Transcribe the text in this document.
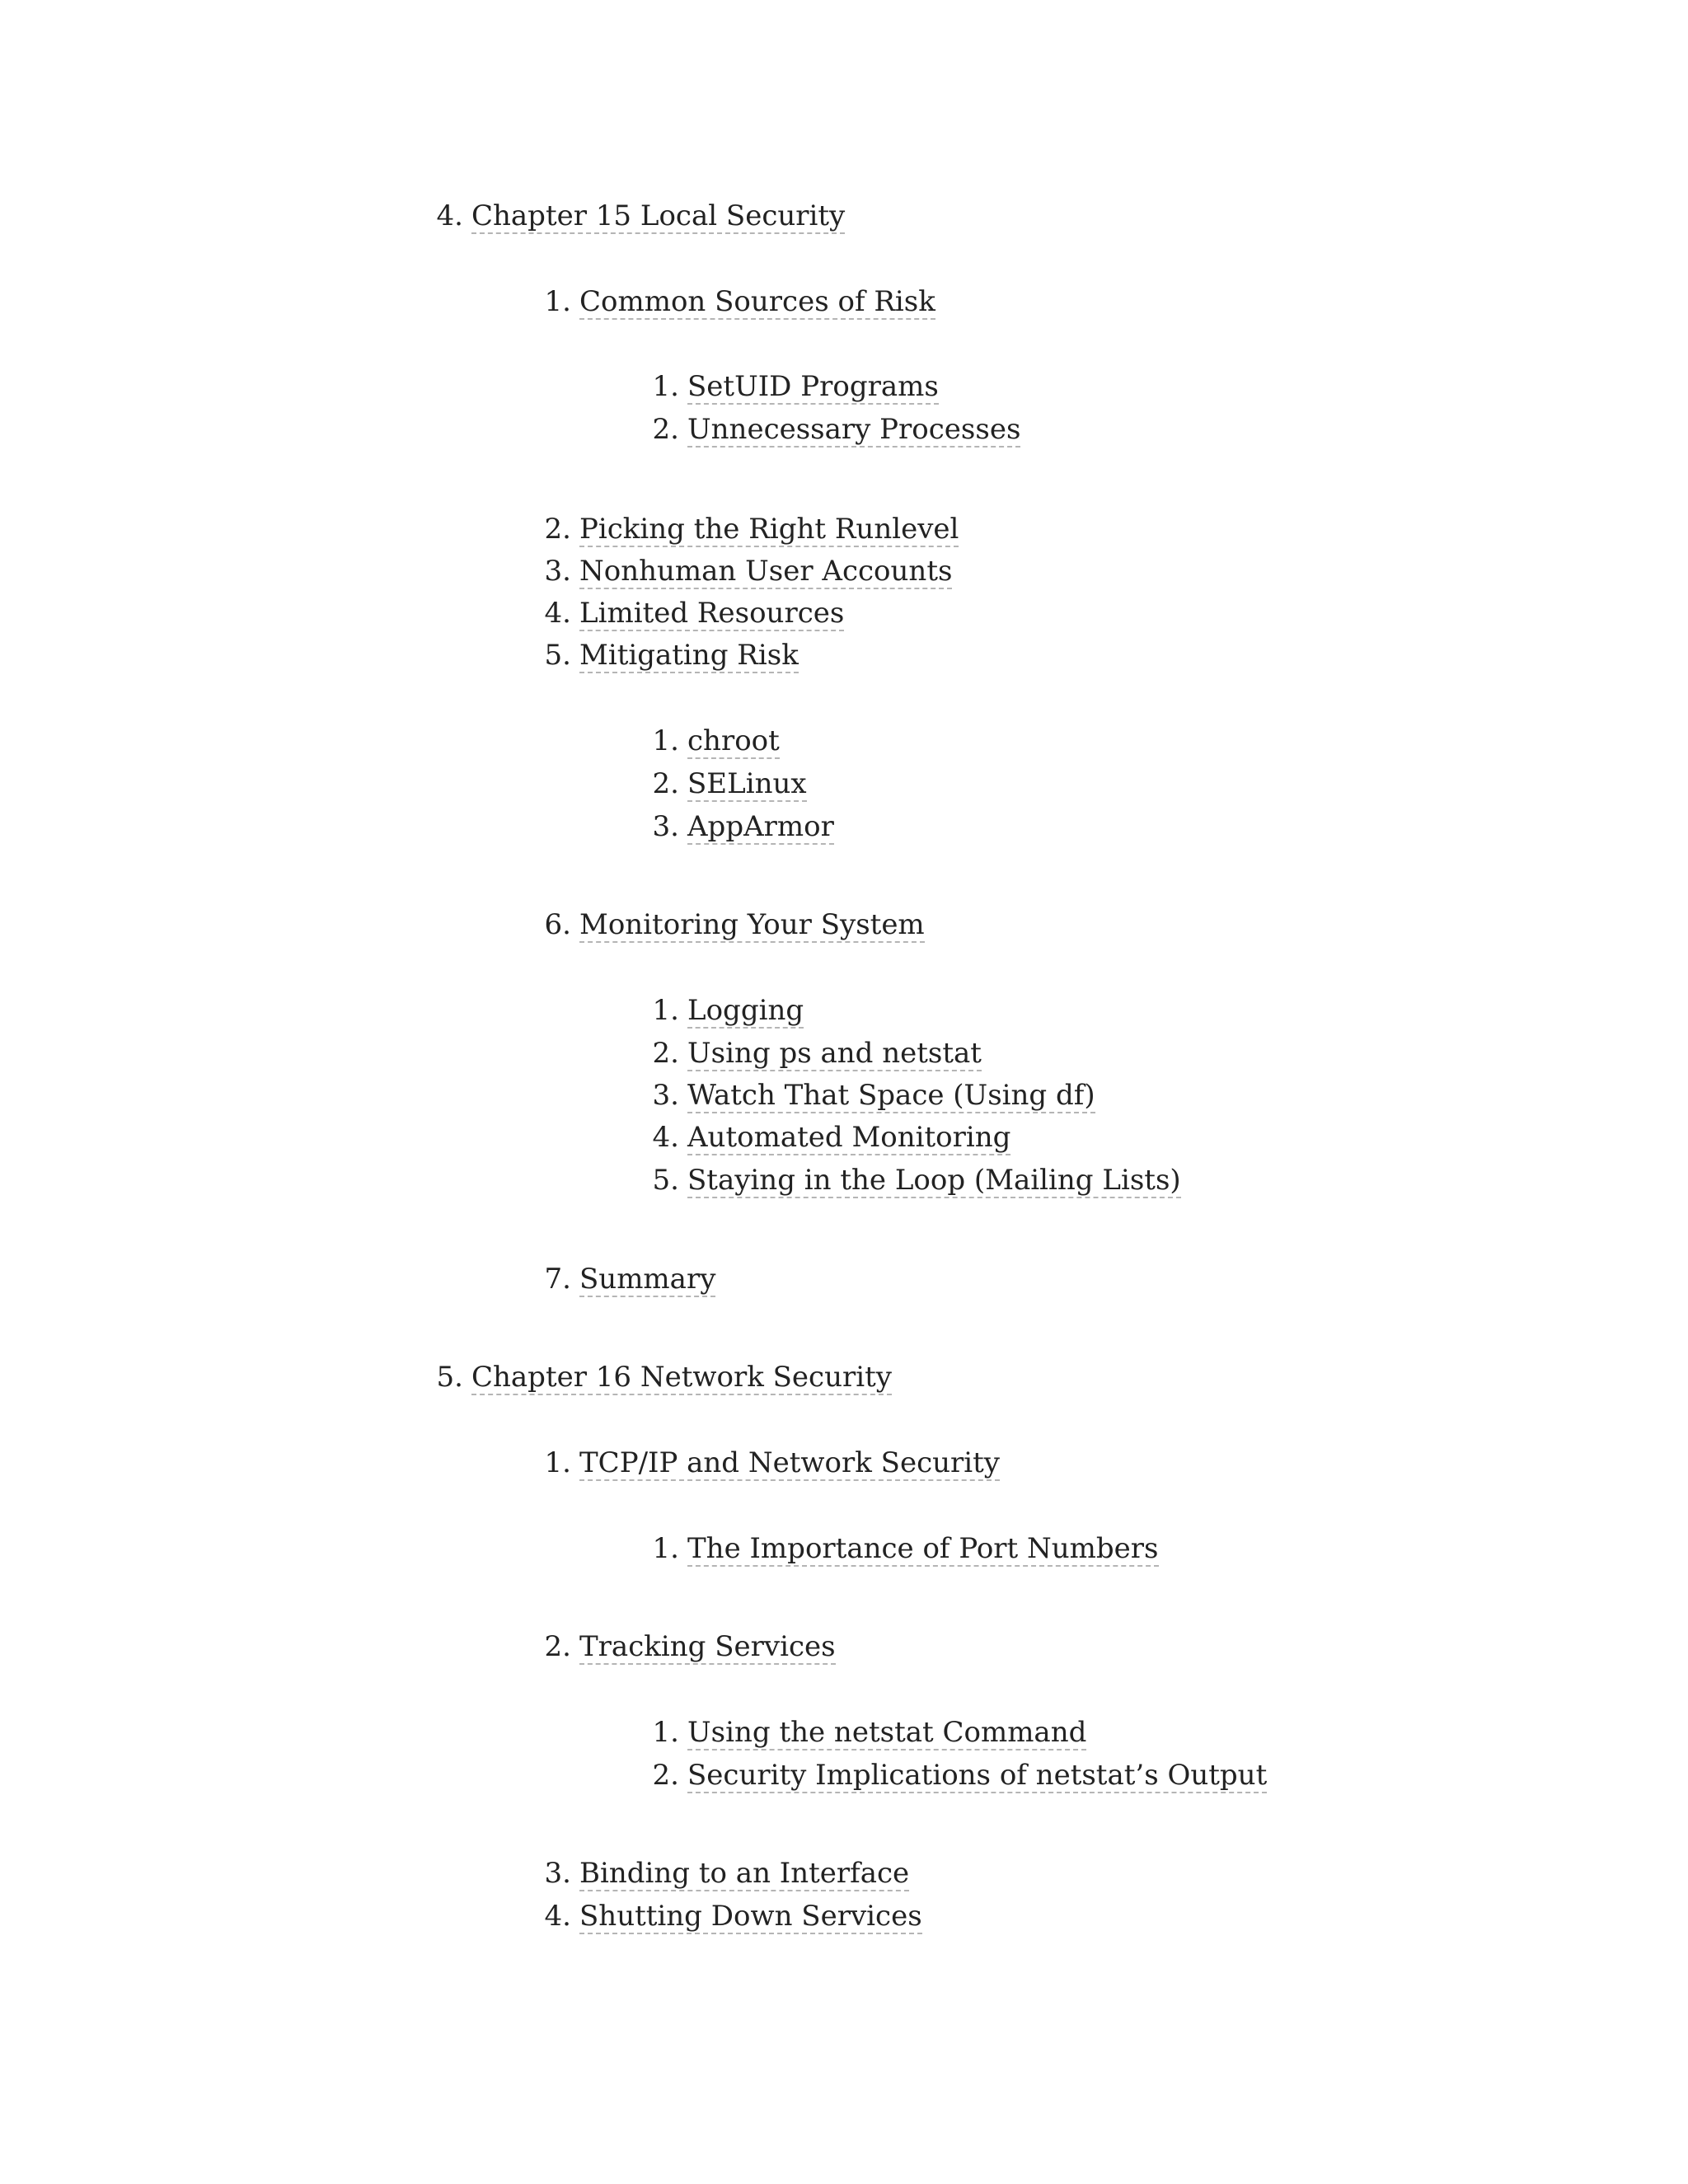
4. Chapter 15 Local Security
1. Common Sources of Risk
1. SetUID Programs
2. Unnecessary Processes
2. Picking the Right Runlevel
3. Nonhuman User Accounts
4. Limited Resources
5. Mitigating Risk
1. chroot
2. SELinux
3. AppArmor
6. Monitoring Your System
1. Logging
2. Using ps and netstat
3. Watch That Space (Using df)
4. Automated Monitoring
5. Staying in the Loop (Mailing Lists)
7. Summary
5. Chapter 16 Network Security
1. TCP/IP and Network Security
1. The Importance of Port Numbers
2. Tracking Services
1. Using the netstat Command
2. Security Implications of netstat’s Output
3. Binding to an Interface
4. Shutting Down Services
